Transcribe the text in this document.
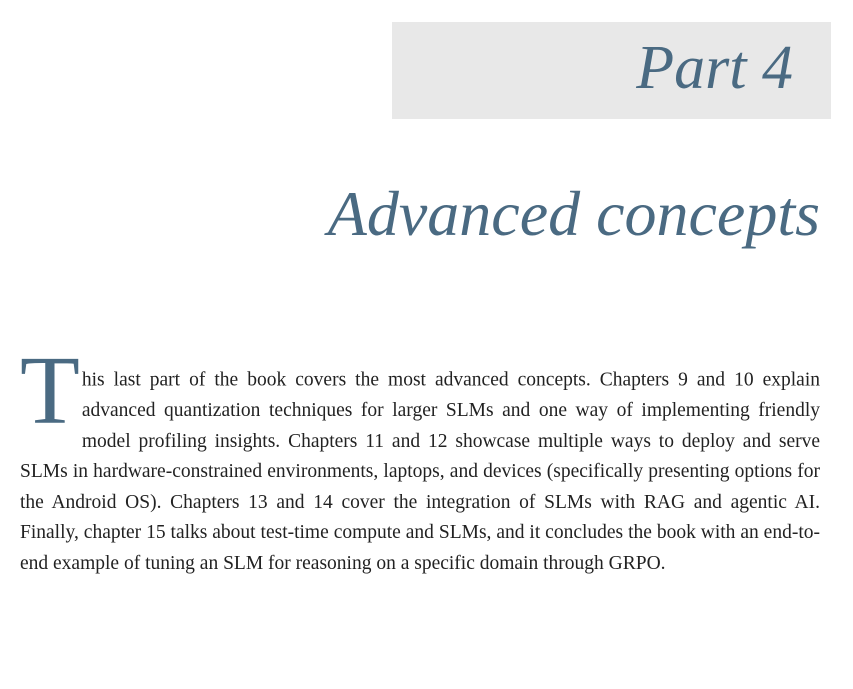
Part 4
Advanced concepts

This last part of the book covers the most advanced concepts. Chapters 9 and 10 explain advanced quantization techniques for larger SLMs and one way of implementing friendly model profiling insights. Chapters 11 and 12 showcase multiple ways to deploy and serve SLMs in hardware-constrained environments, laptops, and devices (specifically presenting options for the Android OS). Chapters 13 and 14 cover the integration of SLMs with RAG and agentic AI. Finally, chapter 15 talks about test-time compute and SLMs, and it concludes the book with an end-to-end example of tuning an SLM for reasoning on a specific domain through GRPO.
